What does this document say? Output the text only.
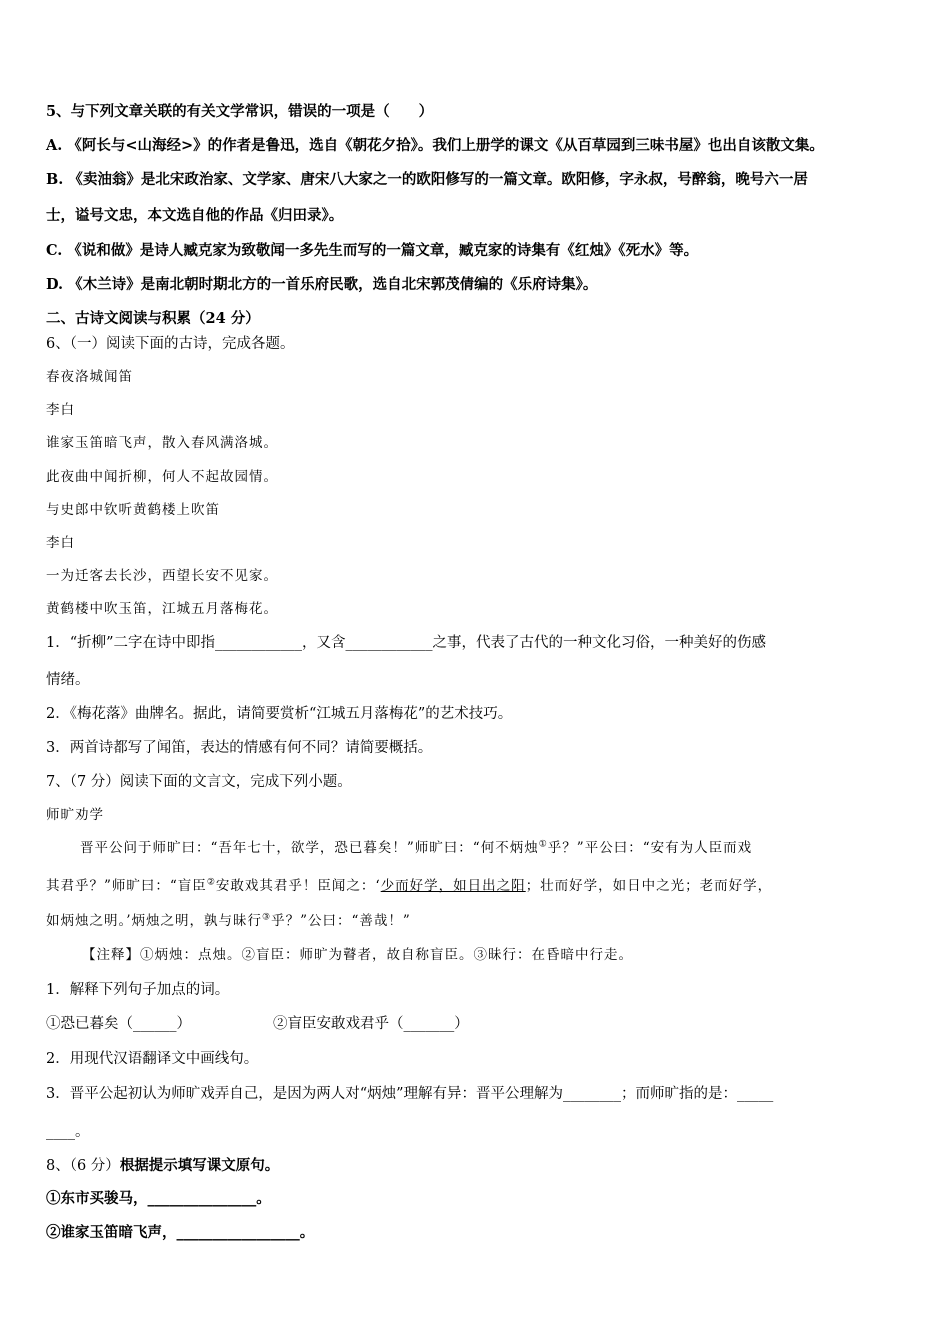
5、与下列文章关联的有关文学常识，错误的一项是（　　）
A. 《阿长与<山海经>》的作者是鲁迅，选自《朝花夕拾》。我们上册学的课文《从百草园到三味书屋》也出自该散文集。
B. 《卖油翁》是北宋政治家、文学家、唐宋八大家之一的欧阳修写的一篇文章。欧阳修，字永叔，号醉翁，晚号六一居
士，谥号文忠，本文选自他的作品《归田录》。
C. 《说和做》是诗人臧克家为致敬闻一多先生而写的一篇文章，臧克家的诗集有《红烛》《死水》等。
D. 《木兰诗》是南北朝时期北方的一首乐府民歌，选自北宋郭茂倩编的《乐府诗集》。
二、古诗文阅读与积累（24 分）
6、（一）阅读下面的古诗，完成各题。
春夜洛城闻笛
李白
谁家玉笛暗飞声，散入春风满洛城。
此夜曲中闻折柳，何人不起故园情。
与史郎中钦听黄鹤楼上吹笛
李白
一为迁客去长沙，西望长安不见家。
黄鹤楼中吹玉笛，江城五月落梅花。
1．“折柳”二字在诗中即指____________，又含____________之事，代表了古代的一种文化习俗，一种美好的伤感
情绪。
2．《梅花落》曲牌名。据此，请简要赏析“江城五月落梅花”的艺术技巧。
3．两首诗都写了闻笛，表达的情感有何不同？请简要概括。
7、（7 分）阅读下面的文言文，完成下列小题。
师旷劝学
晋平公问于师旷曰：“吾年七十，欲学，恐已暮矣！”师旷曰：“何不炳烛①乎？”平公曰：“安有为人臣而戏
其君乎？”师旷曰：“盲臣②安敢戏其君乎！臣闻之：‘少而好学，如日出之阳；壮而好学，如日中之光；老而好学，
如炳烛之明。’炳烛之明，孰与昧行③乎？”公曰：“善哉！”
【注释】①炳烛：点烛。②盲臣：师旷为瞽者，故自称盲臣。③昧行：在昏暗中行走。
1．解释下列句子加点的词。
①恐已暮矣（______）	②盲臣安敢戏君乎（_______）
2．用现代汉语翻译文中画线句。
3．晋平公起初认为师旷戏弄自己，是因为两人对“炳烛”理解有异：晋平公理解为________；而师旷指的是：_____
____。
8、（6 分）根据提示填写课文原句。
①东市买骏马，_______________。
②谁家玉笛暗飞声，_________________。
